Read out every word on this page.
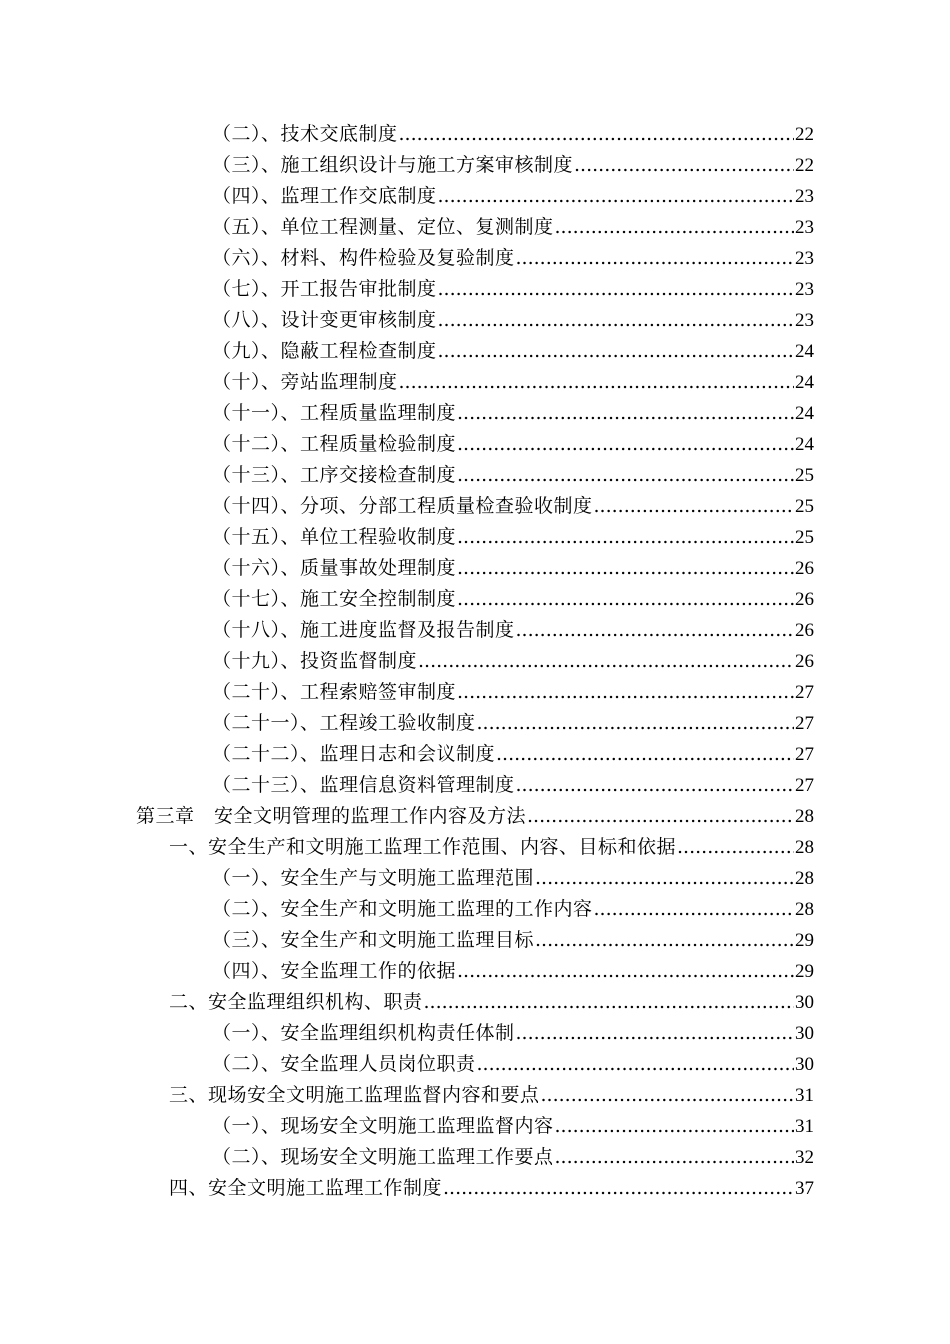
（二）、技术交底制度 .....	22
（三）、施工组织设计与施工方案审核制度 .....	22
（四）、监理工作交底制度 .....	23
（五）、单位工程测量、定位、复测制度 .....	23
（六）、材料、构件检验及复验制度 .....	23
（七）、开工报告审批制度 .....	23
（八）、设计变更审核制度 .....	23
（九）、隐蔽工程检查制度 .....	24
（十）、旁站监理制度 .....	24
（十一）、工程质量监理制度 .....	24
（十二）、工程质量检验制度 .....	24
（十三）、工序交接检查制度 .....	25
（十四）、分项、分部工程质量检查验收制度 .....	25
（十五）、单位工程验收制度 .....	25
（十六）、质量事故处理制度 .....	26
（十七）、施工安全控制制度 .....	26
（十八）、施工进度监督及报告制度 .....	26
（十九）、投资监督制度 .....	26
（二十）、工程索赔签审制度 .....	27
（二十一）、工程竣工验收制度 .....	27
（二十二）、监理日志和会议制度 .....	27
（二十三）、监理信息资料管理制度 .....	27
第三章　安全文明管理的监理工作内容及方法 .....	28
一、安全生产和文明施工监理工作范围、内容、目标和依据 .....	28
（一）、安全生产与文明施工监理范围 .....	28
（二）、安全生产和文明施工监理的工作内容 .....	28
（三）、安全生产和文明施工监理目标 .....	29
（四）、安全监理工作的依据 .....	29
二、安全监理组织机构、职责 .....	30
（一）、安全监理组织机构责任体制 .....	30
（二）、安全监理人员岗位职责 .....	30
三、现场安全文明施工监理监督内容和要点 .....	31
（一）、现场安全文明施工监理监督内容 .....	31
（二）、现场安全文明施工监理工作要点 .....	32
四、安全文明施工监理工作制度 .....	37
